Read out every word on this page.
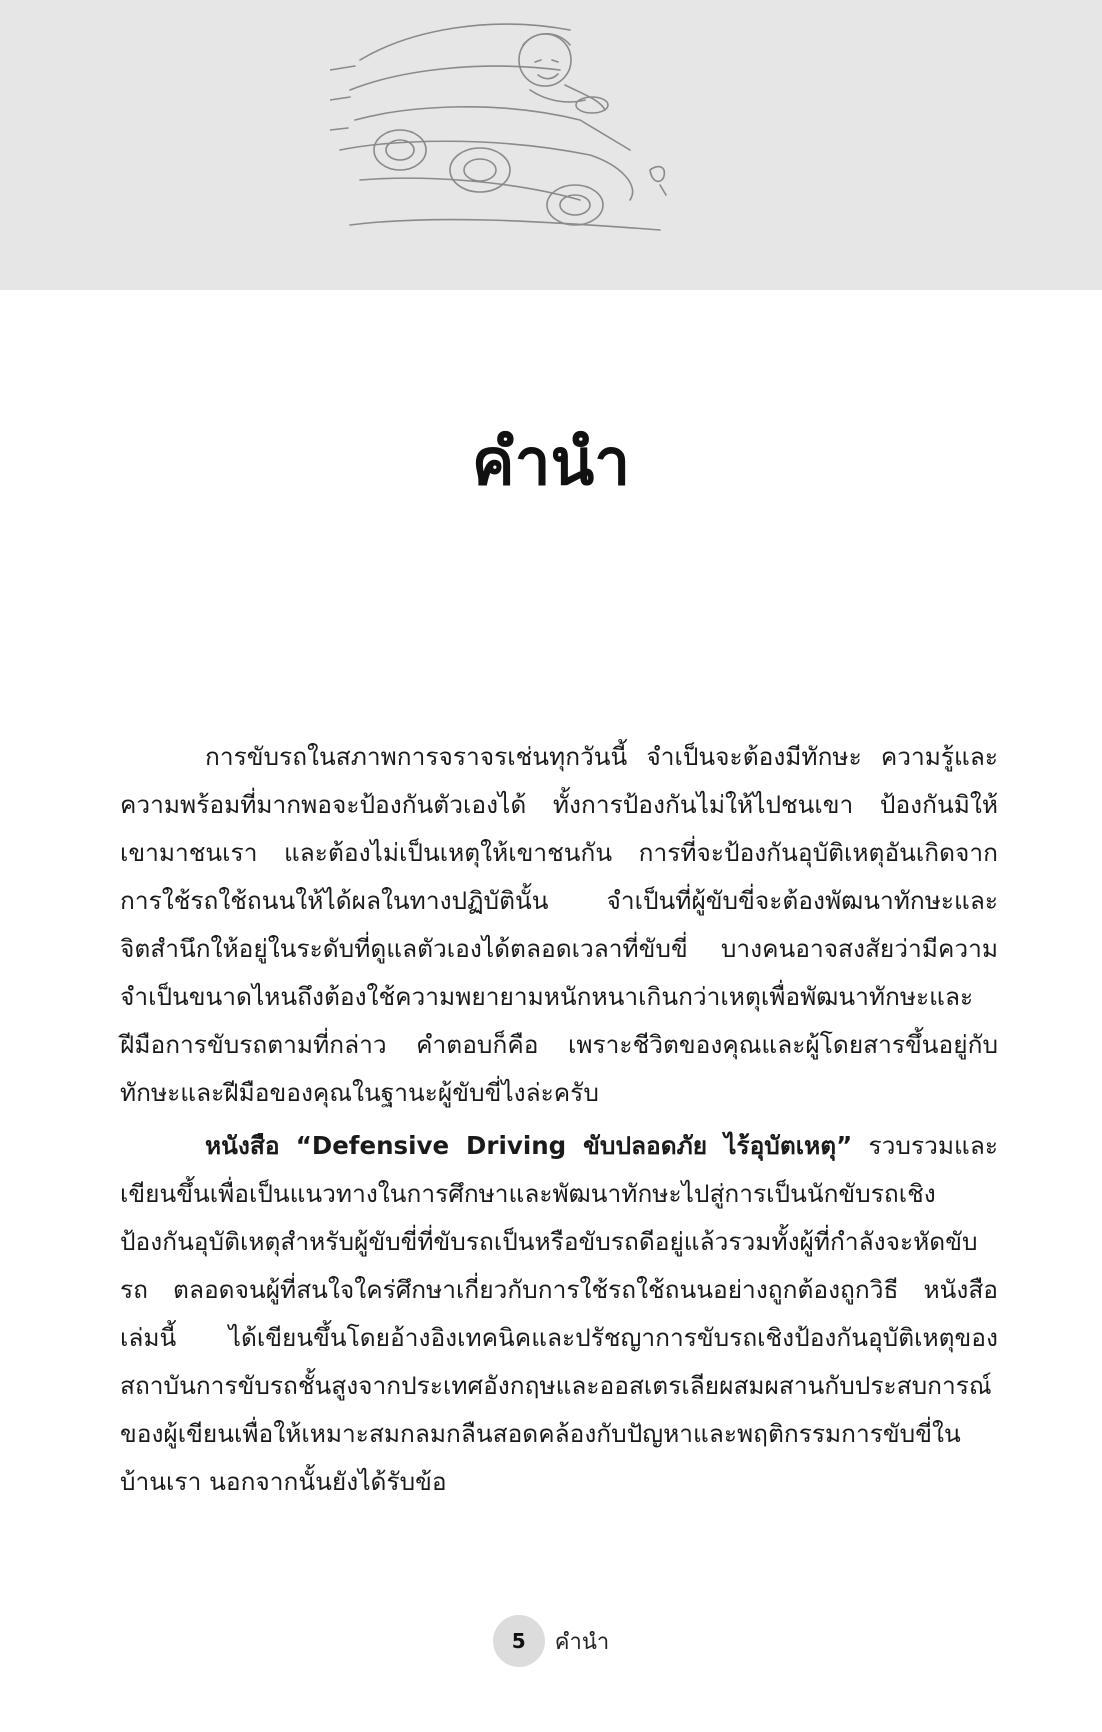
คำนำ

การขับรถในสภาพการจราจรเช่นทุกวันนี้ จำเป็นจะต้องมีทักษะ ความรู้และความพร้อมที่มากพอจะป้องกันตัวเองได้ ทั้งการป้องกันไม่ให้ไปชนเขา ป้องกันมิให้เขามาชนเรา และต้องไม่เป็นเหตุให้เขาชนกัน การที่จะป้องกันอุบัติเหตุอันเกิดจากการใช้รถใช้ถนนให้ได้ผลในทางปฏิบัตินั้น จำเป็นที่ผู้ขับขี่จะต้องพัฒนาทักษะและจิตสำนึกให้อยู่ในระดับที่ดูแลตัวเองได้ตลอดเวลาที่ขับขี่ บางคนอาจสงสัยว่ามีความจำเป็นขนาดไหนถึงต้องใช้ความพยายามหนักหนาเกินกว่าเหตุเพื่อพัฒนาทักษะและฝีมือการขับรถตามที่กล่าว คำตอบก็คือ เพราะชีวิตของคุณและผู้โดยสารขึ้นอยู่กับทักษะและฝีมือของคุณในฐานะผู้ขับขี่ไงล่ะครับ

หนังสือ “Defensive Driving ขับปลอดภัย ไร้อุบัตเหตุ” รวบรวมและเขียนขึ้นเพื่อเป็นแนวทางในการศึกษาและพัฒนาทักษะไปสู่การเป็นนักขับรถเชิงป้องกันอุบัติเหตุสำหรับผู้ขับขี่ที่ขับรถเป็นหรือขับรถดีอยู่แล้วรวมทั้งผู้ที่กำลังจะหัดขับรถ ตลอดจนผู้ที่สนใจใคร่ศึกษาเกี่ยวกับการใช้รถใช้ถนนอย่างถูกต้องถูกวิธี หนังสือเล่มนี้ ได้เขียนขึ้นโดยอ้างอิงเทคนิคและปรัชญาการขับรถเชิงป้องกันอุบัติเหตุของสถาบันการขับรถชั้นสูงจากประเทศอังกฤษและออสเตรเลียผสมผสานกับประสบการณ์ของผู้เขียนเพื่อให้เหมาะสมกลมกลืนสอดคล้องกับปัญหาและพฤติกรรมการขับขี่ในบ้านเรา นอกจากนั้นยังได้รับข้อ

5	คำนำ
